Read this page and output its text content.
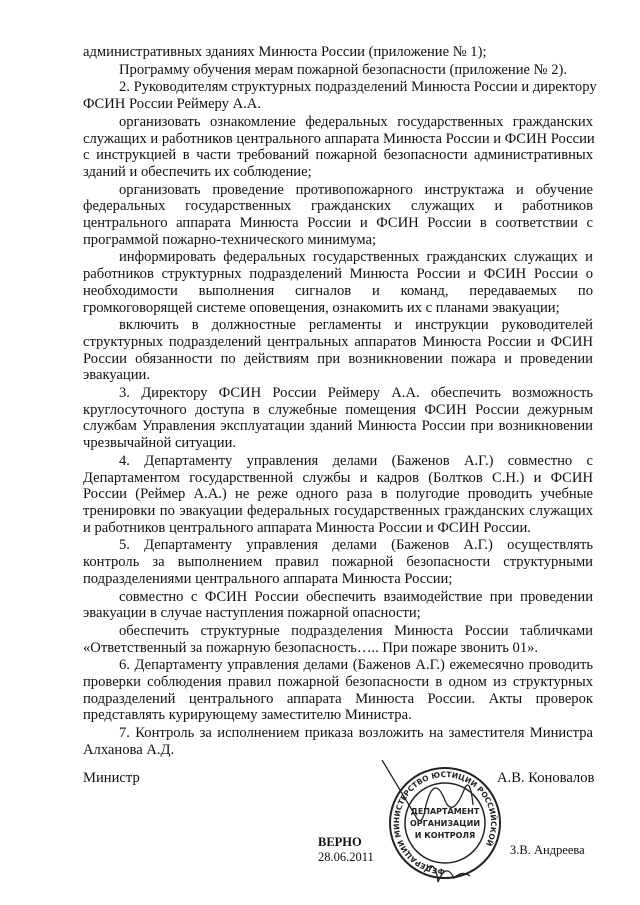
административных зданиях Минюста России (приложение № 1);
Программу обучения мерам пожарной безопасности (приложение № 2).
2. Руководителям структурных подразделений Минюста России и директору
ФСИН России Реймеру А.А.
организовать ознакомление федеральных государственных гражданских
служащих и работников центрального аппарата Минюста России и ФСИН России
с инструкцией в части требований пожарной безопасности административных
зданий и обеспечить их соблюдение;
организовать проведение противопожарного инструктажа и обучение
федеральных государственных гражданских служащих и работников
центрального аппарата Минюста России и ФСИН России в соответствии с
программой пожарно-технического минимума;
информировать федеральных государственных гражданских служащих и
работников структурных подразделений Минюста России и ФСИН России о
необходимости выполнения сигналов и команд, передаваемых по
громкоговорящей системе оповещения, ознакомить их с планами эвакуации;
включить в должностные регламенты и инструкции руководителей
структурных подразделений центральных аппаратов Минюста России и ФСИН
России обязанности по действиям при возникновении пожара и проведении
эвакуации.
3. Директору ФСИН России Реймеру А.А. обеспечить возможность
круглосуточного доступа в служебные помещения ФСИН России дежурным
службам Управления эксплуатации зданий Минюста России при возникновении
чрезвычайной ситуации.
4. Департаменту управления делами (Баженов А.Г.) совместно с
Департаментом государственной службы и кадров (Болтков С.Н.) и ФСИН
России (Реймер А.А.) не реже одного раза в полугодие проводить учебные
тренировки по эвакуации федеральных государственных гражданских служащих
и работников центрального аппарата Минюста России и ФСИН России.
5. Департаменту управления делами (Баженов А.Г.) осуществлять
контроль за выполнением правил пожарной безопасности структурными
подразделениями центрального аппарата Минюста России;
совместно с ФСИН России обеспечить взаимодействие при проведении
эвакуации в случае наступления пожарной опасности;
обеспечить структурные подразделения Минюста России табличками
«Ответственный за пожарную безопасность….. При пожаре звонить 01».
6. Департаменту управления делами (Баженов А.Г.) ежемесячно проводить
проверки соблюдения правил пожарной безопасности в одном из структурных
подразделений центрального аппарата Минюста России. Акты проверок
представлять курирующему заместителю Министра.
7. Контроль за исполнением приказа возложить на заместителя Министра
Алханова А.Д.
Министр	А.В. Коновалов
ВЕРНО
28.06.2011	З.В. Андреева
ФЕДЕРАЦИИ МИНИСТЕРСТВО ЮСТИЦИИ РОССИЙСКОЙ
ДЕПАРТАМЕНТ
ОРГАНИЗАЦИИ
И КОНТРОЛЯ
